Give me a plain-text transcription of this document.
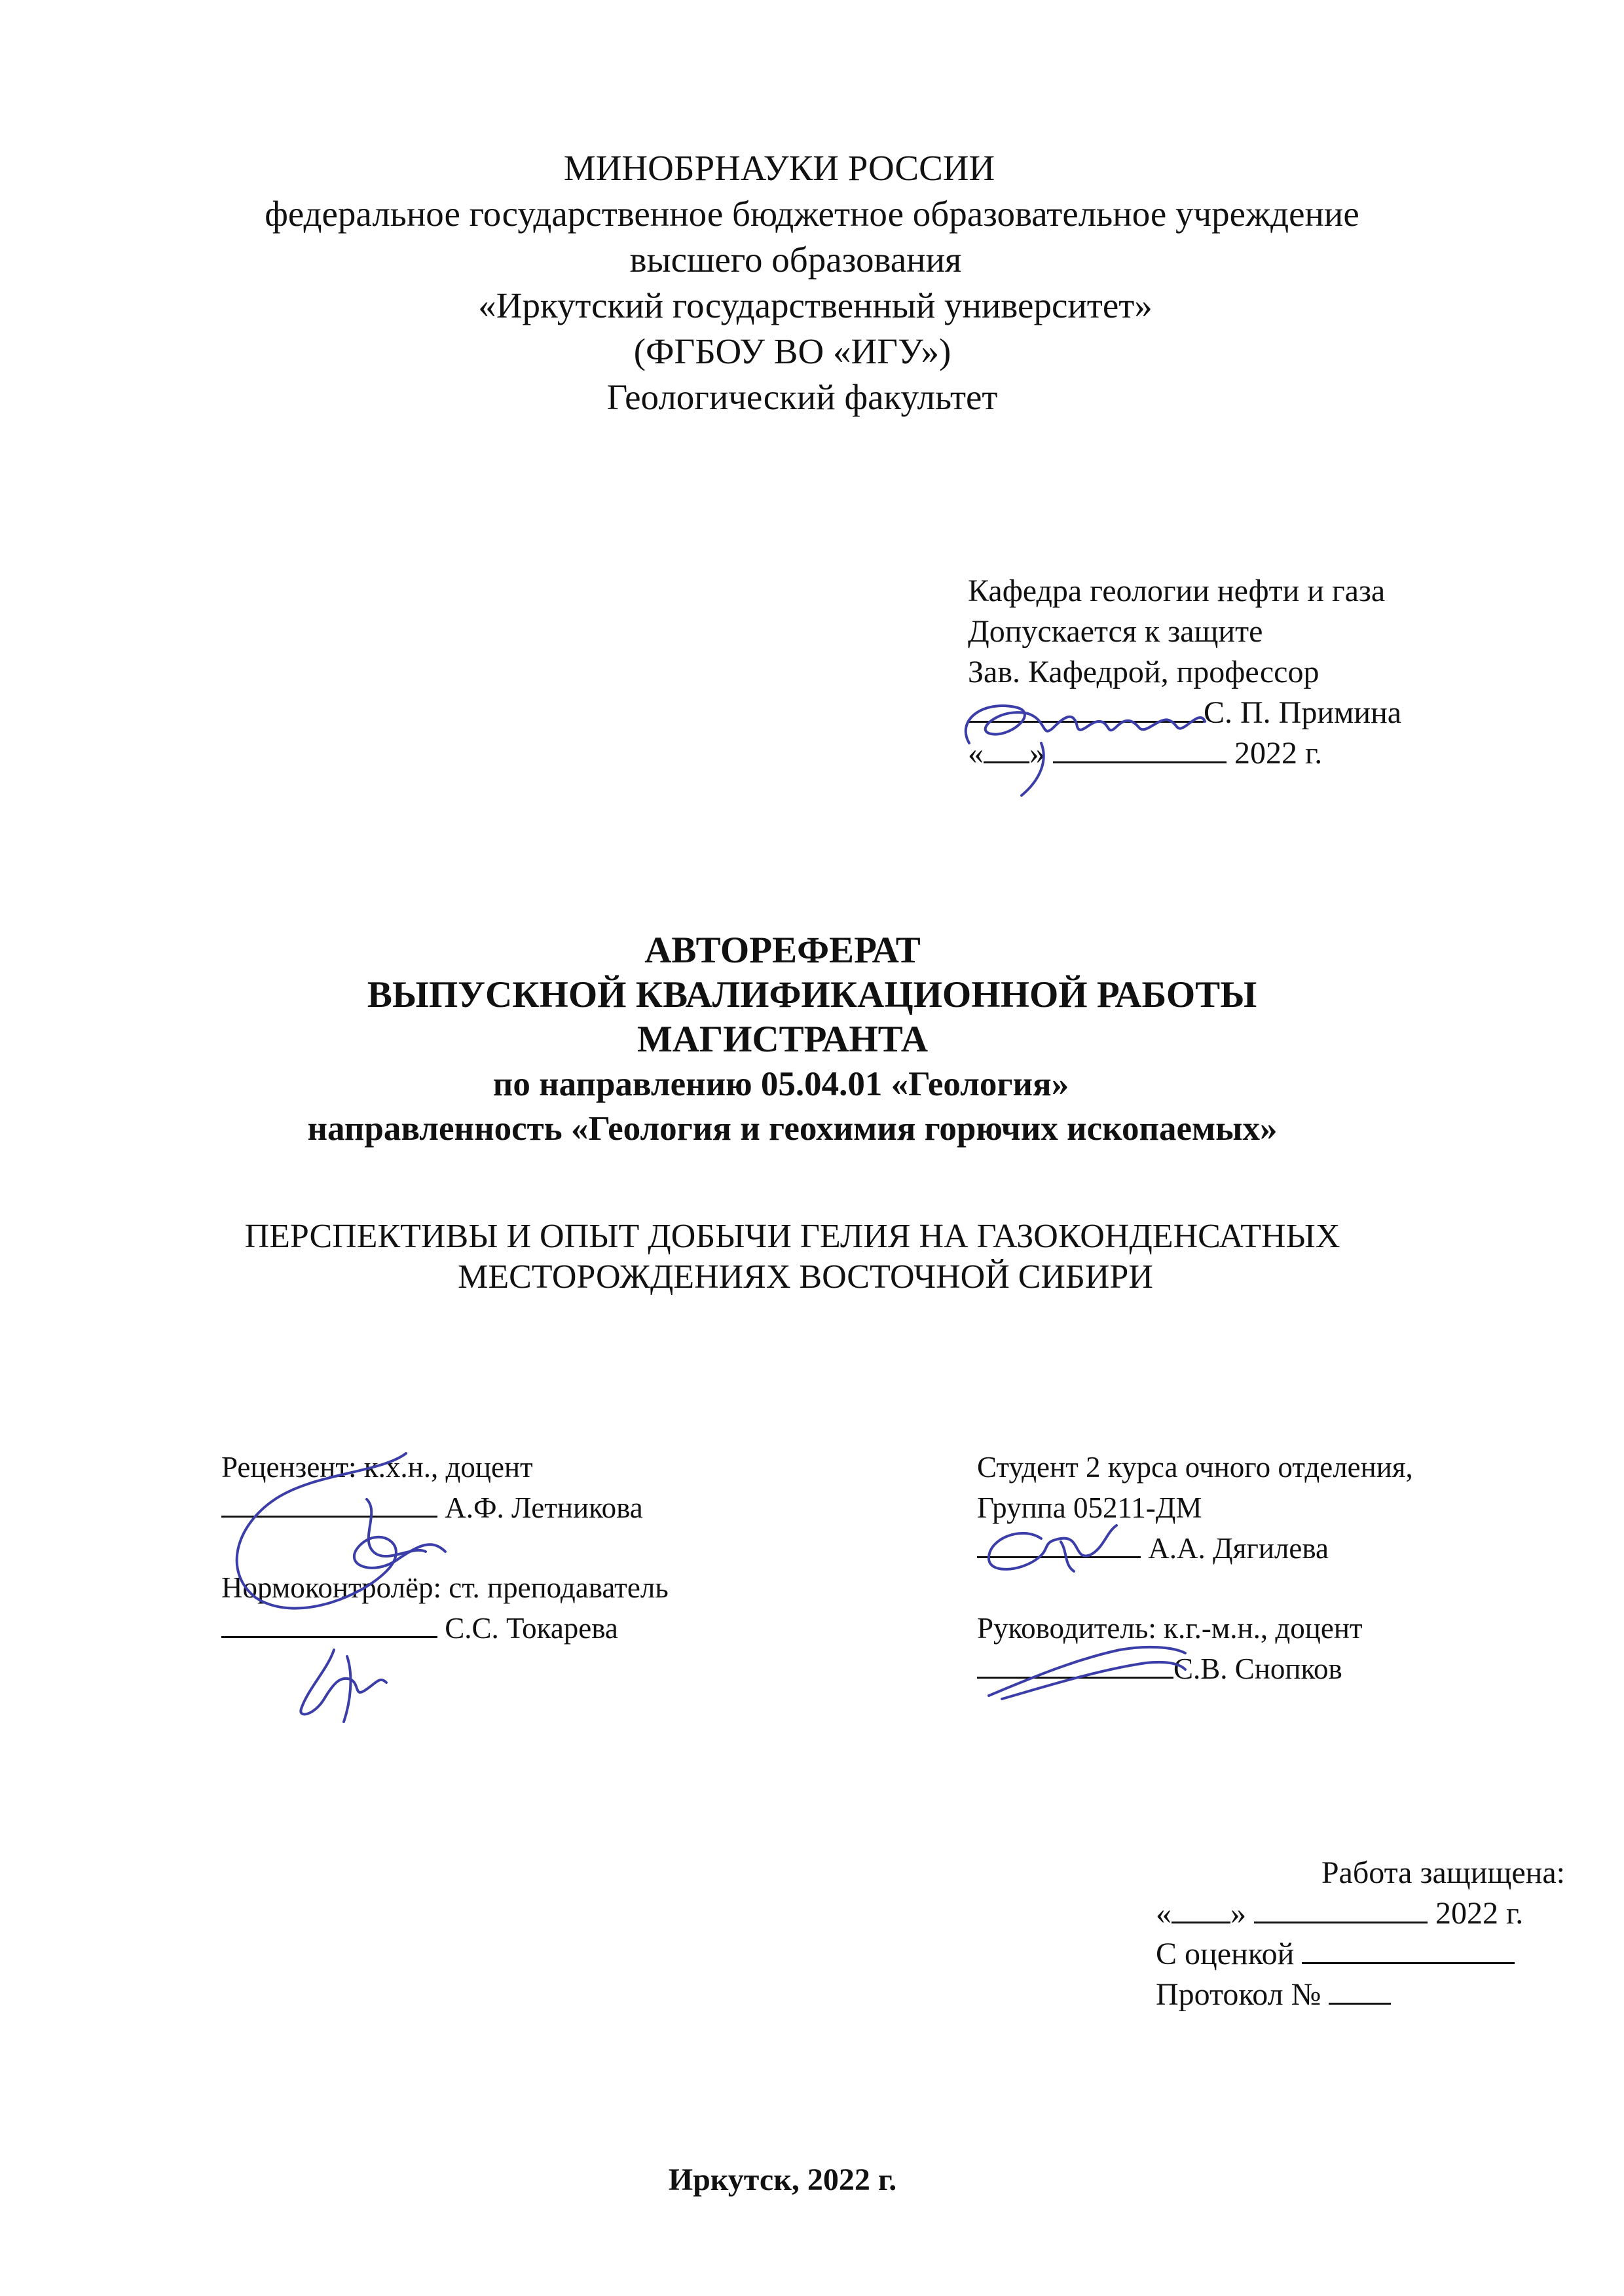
МИНОБРНАУКИ РОССИИ
федеральное государственное бюджетное образовательное учреждение
высшего образования
«Иркутский государственный университет»
(ФГБОУ ВО «ИГУ»)
Геологический факультет
Кафедра геологии нефти и газа
Допускается к защите
Зав. Кафедрой, профессор
С. П. Примина
« »	2022 г.
АВТОРЕФЕРАТ
ВЫПУСКНОЙ КВАЛИФИКАЦИОННОЙ РАБОТЫ
МАГИСТРАНТА
по направлению 05.04.01 «Геология»
направленность «Геология и геохимия горючих ископаемых»
ПЕРСПЕКТИВЫ И ОПЫТ ДОБЫЧИ ГЕЛИЯ НА ГАЗОКОНДЕНСАТНЫХ
МЕСТОРОЖДЕНИЯХ ВОСТОЧНОЙ СИБИРИ
Рецензент: к.х.н., доцент
А.Ф. Летникова
Нормоконтролёр: ст. преподаватель
С.С. Токарева
Студент 2 курса очного отделения,
Группа 05211-ДМ
А.А. Дягилева
Руководитель: к.г.-м.н., доцент
С.В. Снопков
Работа защищена:
« »	2022 г.
С оценкой
Протокол №
Иркутск, 2022 г.
